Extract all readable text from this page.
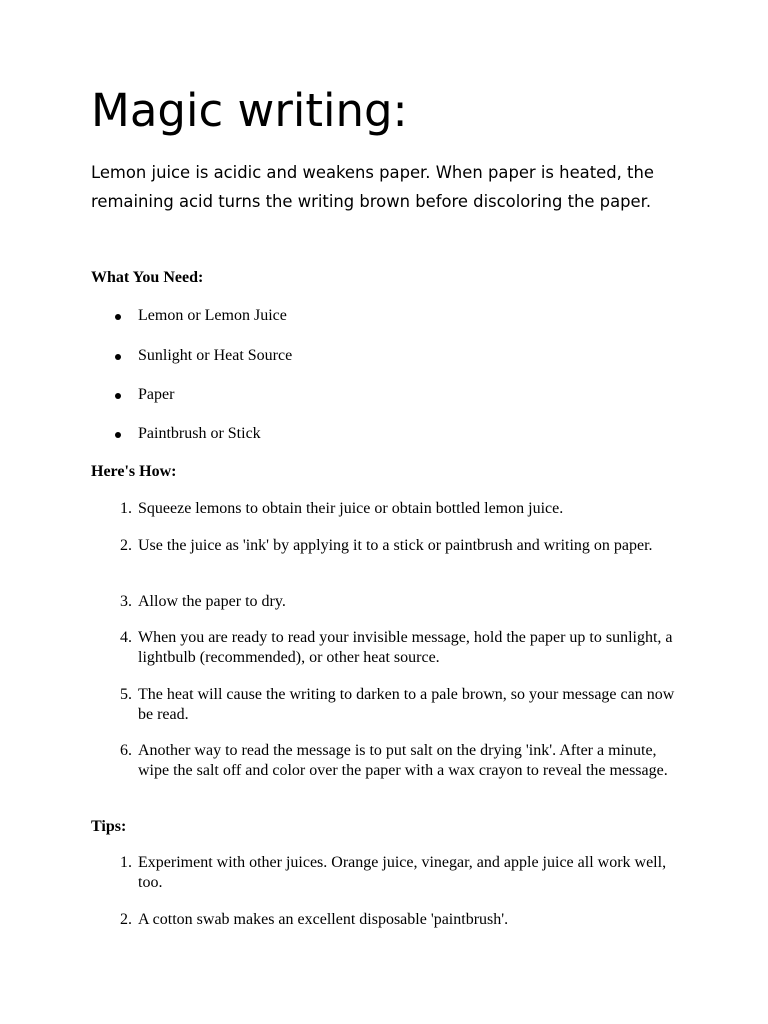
Magic writing:

Lemon juice is acidic and weakens paper. When paper is heated, the remaining acid turns the writing brown before discoloring the paper.

What You Need:
Lemon or Lemon Juice
Sunlight or Heat Source
Paper
Paintbrush or Stick
Here's How:
1. Squeeze lemons to obtain their juice or obtain bottled lemon juice.
2. Use the juice as 'ink' by applying it to a stick or paintbrush and writing on paper.
3. Allow the paper to dry.
4. When you are ready to read your invisible message, hold the paper up to sunlight, a lightbulb (recommended), or other heat source.
5. The heat will cause the writing to darken to a pale brown, so your message can now be read.
6. Another way to read the message is to put salt on the drying 'ink'. After a minute, wipe the salt off and color over the paper with a wax crayon to reveal the message.
Tips:
1. Experiment with other juices. Orange juice, vinegar, and apple juice all work well, too.
2. A cotton swab makes an excellent disposable 'paintbrush'.
